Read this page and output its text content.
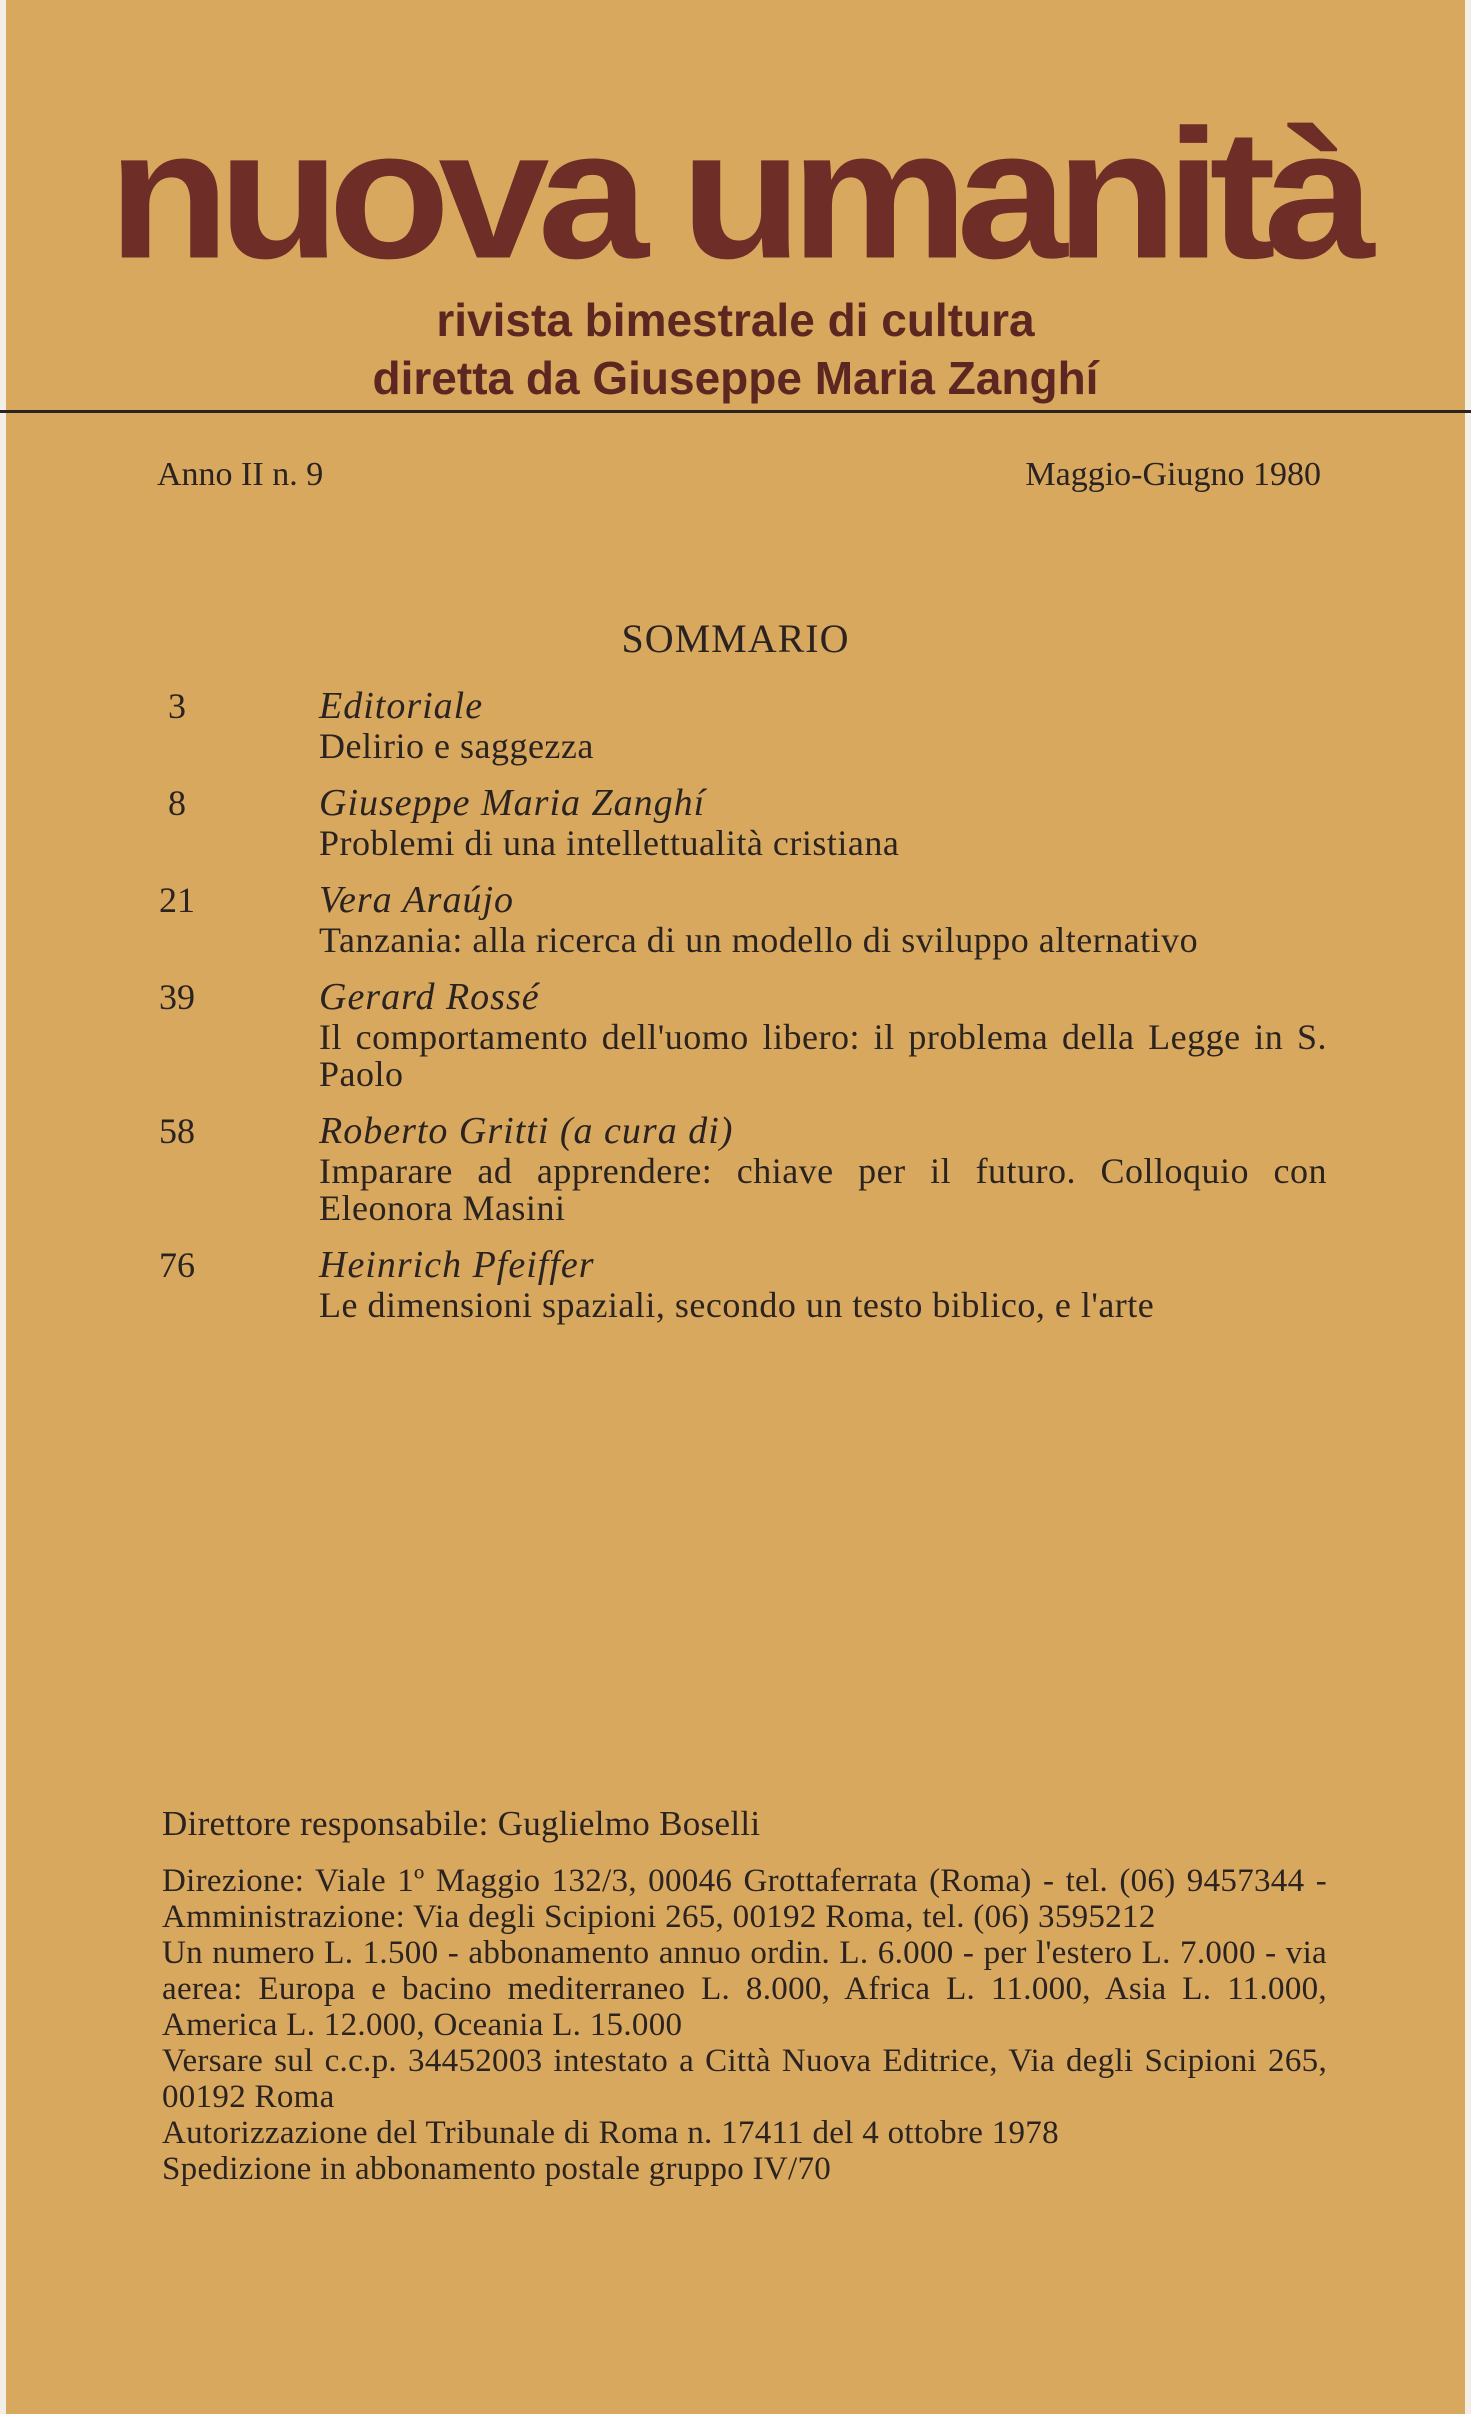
nuova umanità
rivista bimestrale di cultura
diretta da Giuseppe Maria Zanghí
Anno II n. 9	Maggio-Giugno 1980
SOMMARIO
3	Editoriale
Delirio e saggezza
8	Giuseppe Maria Zanghí
Problemi di una intellettualità cristiana
21	Vera Araújo
Tanzania: alla ricerca di un modello di sviluppo alternativo
39	Gerard Rossé
Il comportamento dell'uomo libero: il problema della Legge in S. Paolo
58	Roberto Gritti (a cura di)
Imparare ad apprendere: chiave per il futuro. Colloquio con Eleonora Masini
76	Heinrich Pfeiffer
Le dimensioni spaziali, secondo un testo biblico, e l'arte
Direttore responsabile: Guglielmo Boselli
Direzione: Viale 1º Maggio 132/3, 00046 Grottaferrata (Roma) - tel. (06) 9457344 - Amministrazione: Via degli Scipioni 265, 00192 Roma, tel. (06) 3595212
Un numero L. 1.500 - abbonamento annuo ordin. L. 6.000 - per l'estero L. 7.000 - via aerea: Europa e bacino mediterraneo L. 8.000, Africa L. 11.000, Asia L. 11.000, America L. 12.000, Oceania L. 15.000
Versare sul c.c.p. 34452003 intestato a Città Nuova Editrice, Via degli Scipioni 265, 00192 Roma
Autorizzazione del Tribunale di Roma n. 17411 del 4 ottobre 1978
Spedizione in abbonamento postale gruppo IV/70
